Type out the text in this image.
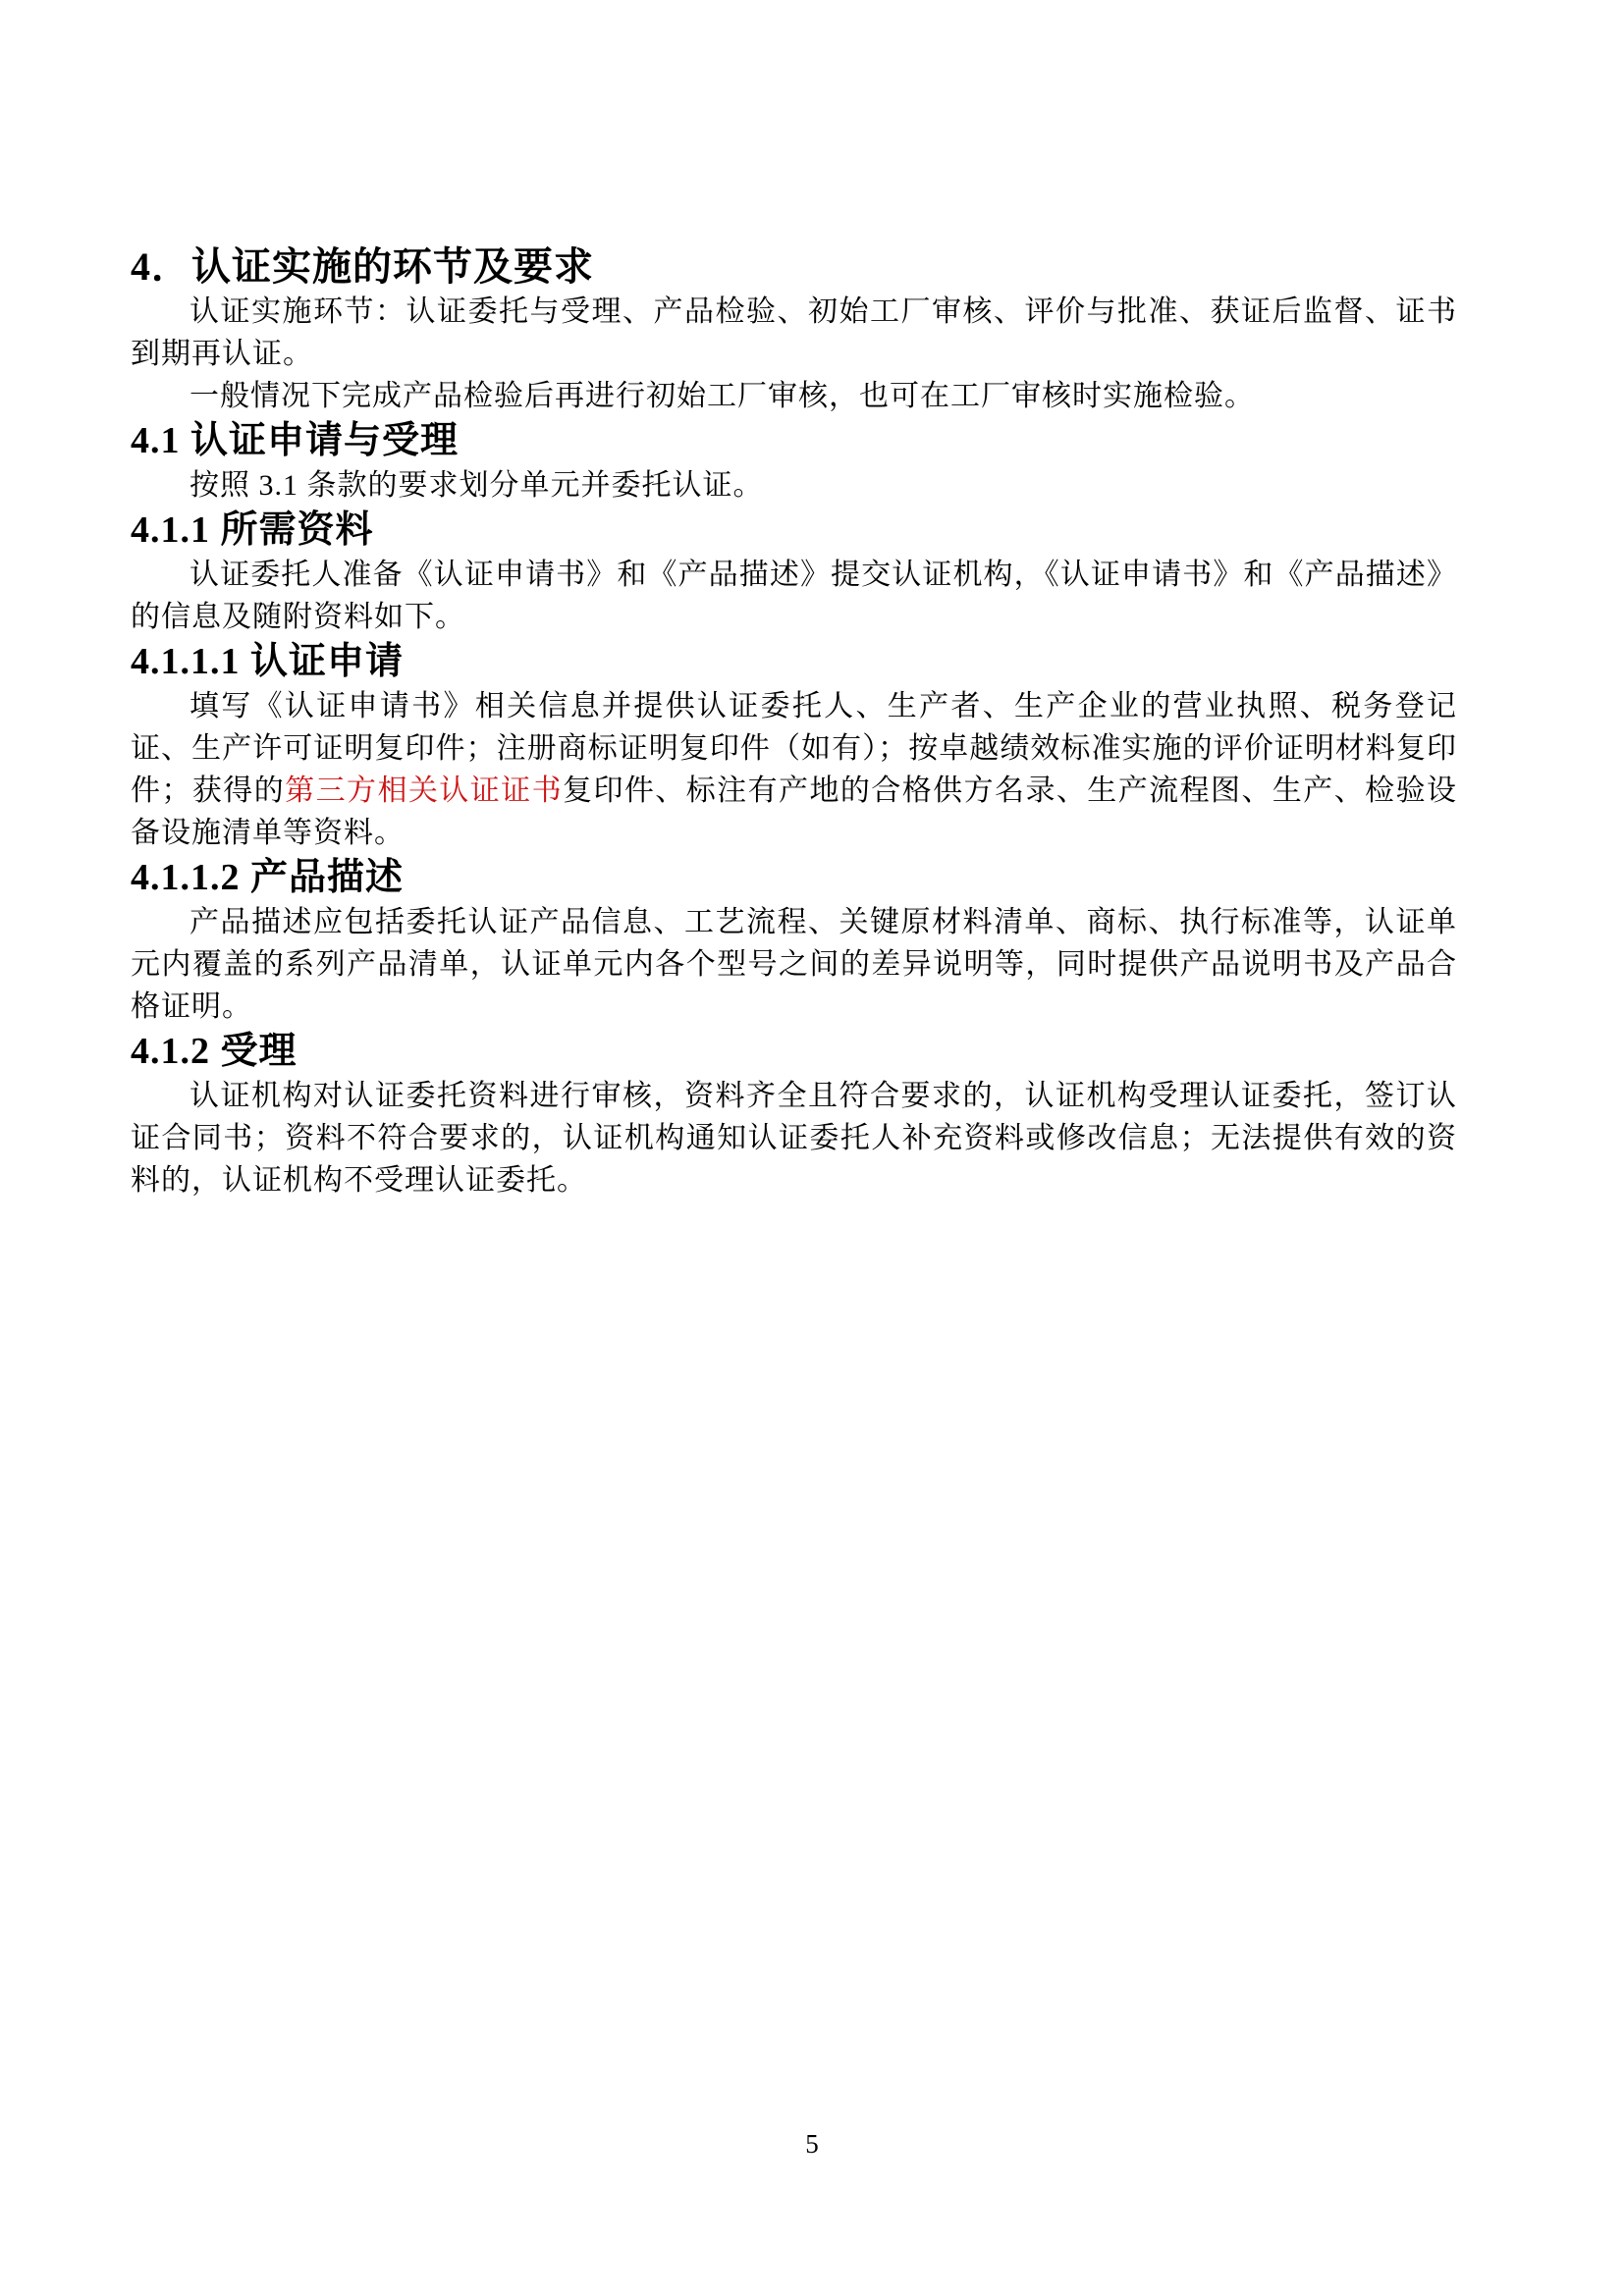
4．认证实施的环节及要求

认证实施环节：认证委托与受理、产品检验、初始工厂审核、评价与批准、获证后监督、证书到期再认证。

一般情况下完成产品检验后再进行初始工厂审核，也可在工厂审核时实施检验。

4.1 认证申请与受理

按照 3.1 条款的要求划分单元并委托认证。

4.1.1 所需资料

认证委托人准备《认证申请书》和《产品描述》提交认证机构，《认证申请书》和《产品描述》的信息及随附资料如下。

4.1.1.1 认证申请

填写《认证申请书》相关信息并提供认证委托人、生产者、生产企业的营业执照、税务登记证、生产许可证明复印件；注册商标证明复印件（如有）；按卓越绩效标准实施的评价证明材料复印件；获得的第三方相关认证证书复印件、标注有产地的合格供方名录、生产流程图、生产、检验设备设施清单等资料。

4.1.1.2 产品描述

产品描述应包括委托认证产品信息、工艺流程、关键原材料清单、商标、执行标准等，认证单元内覆盖的系列产品清单，认证单元内各个型号之间的差异说明等，同时提供产品说明书及产品合格证明。

4.1.2 受理

认证机构对认证委托资料进行审核，资料齐全且符合要求的，认证机构受理认证委托，签订认证合同书；资料不符合要求的，认证机构通知认证委托人补充资料或修改信息；无法提供有效的资料的，认证机构不受理认证委托。

5
